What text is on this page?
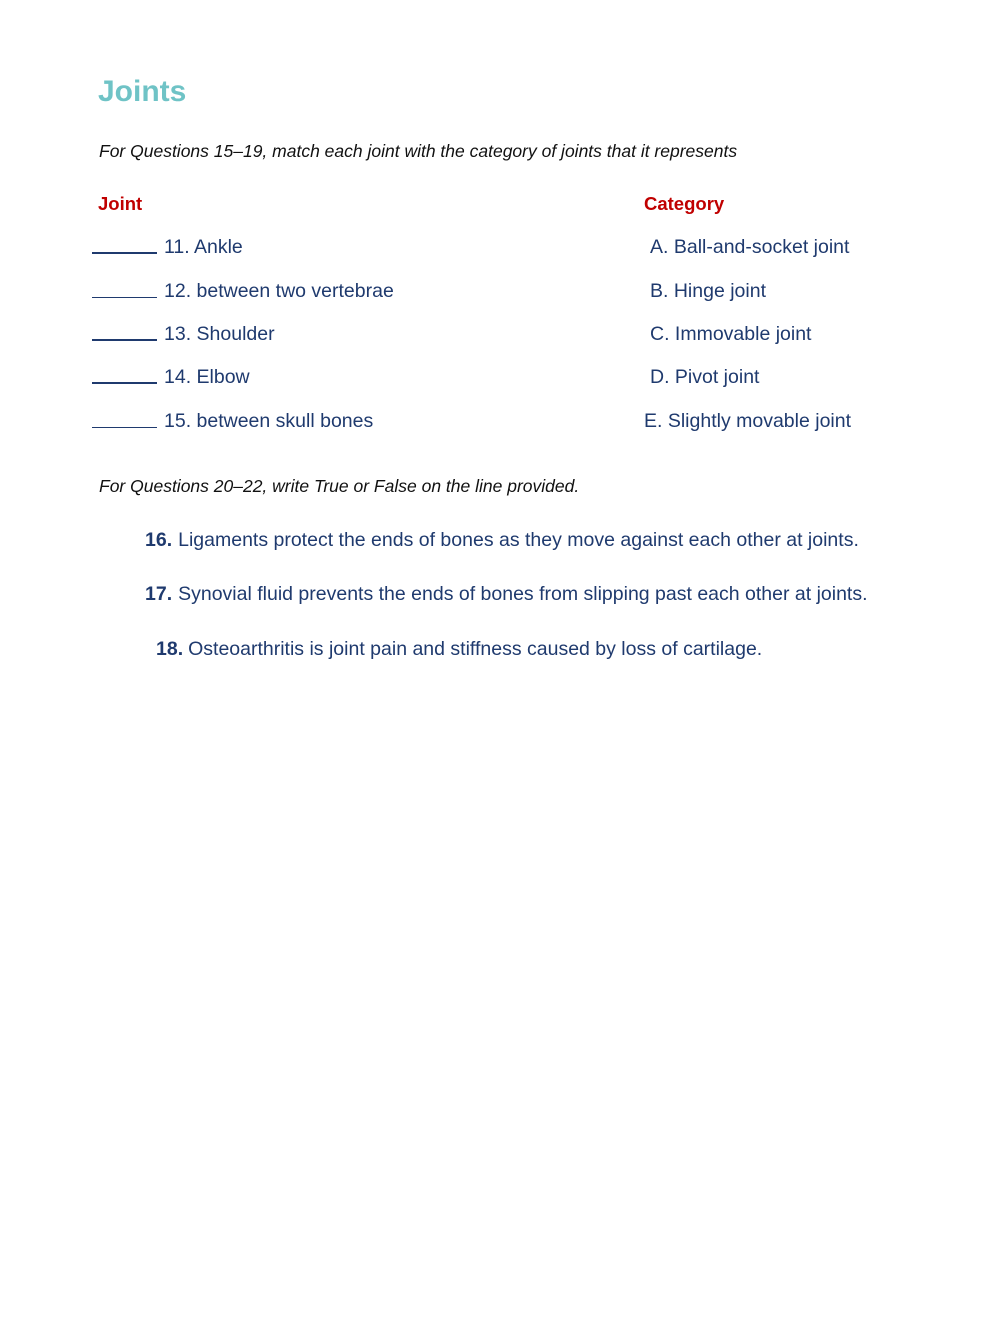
Joints
For Questions 15–19, match each joint with the category of joints that it represents
Joint	Category
11. Ankle
12. between two vertebrae
13. Shoulder
14. Elbow
15. between skull bones
A. Ball-and-socket joint
B. Hinge joint
C. Immovable joint
D. Pivot joint
E. Slightly movable joint
For Questions 20–22, write True or False on the line provided.
16. Ligaments protect the ends of bones as they move against each other at joints.
17. Synovial fluid prevents the ends of bones from slipping past each other at joints.
18. Osteoarthritis is joint pain and stiffness caused by loss of cartilage.
